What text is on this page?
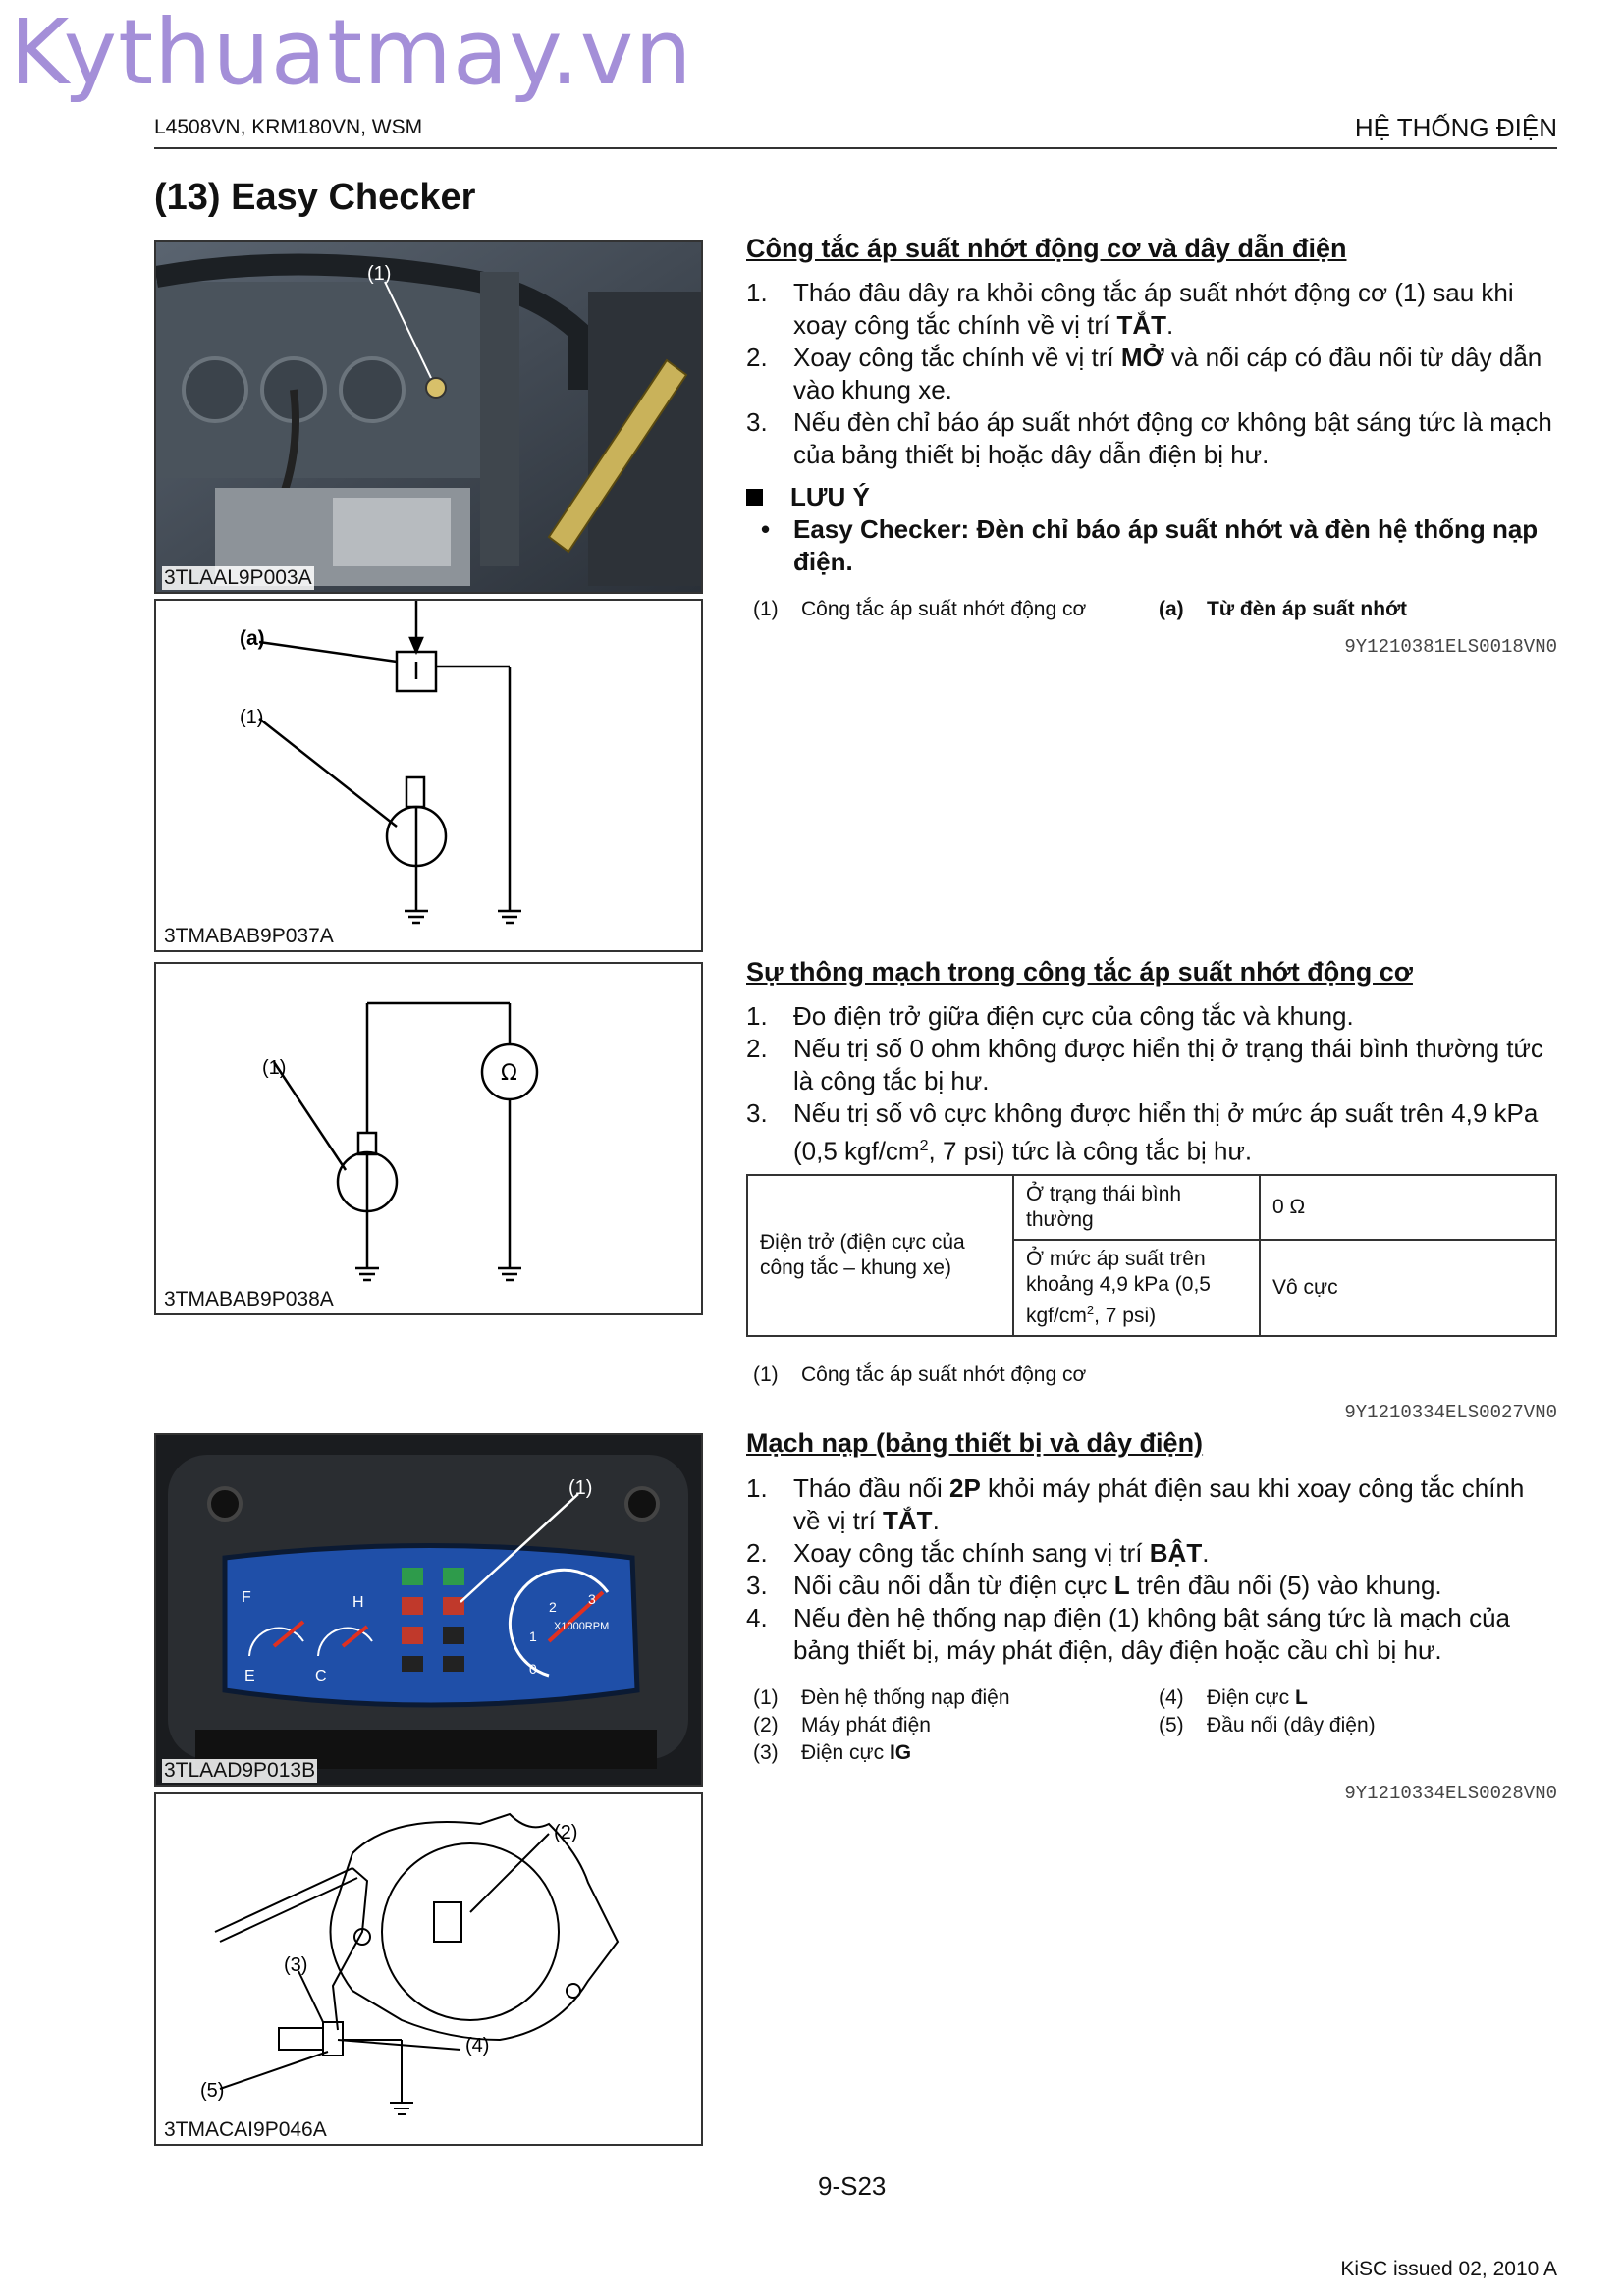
Kythuatmay.vn
L4508VN, KRM180VN, WSM	HỆ THỐNG ĐIỆN
(13) Easy Checker
(1)
3TLAAL9P003A
(a)
(1)
3TMABAB9P037A
(1)	Ω
3TMABAB9P038A
F
E
H
C
X1000RPM
0
1
2 3
(1)
3TLAAD9P013B
(2)
(3)
(4)
(5)
3TMACAI9P046A
Công tắc áp suất nhớt động cơ và dây dẫn điện
1. Tháo đâu dây ra khỏi công tắc áp suất nhớt động cơ (1) sau khi xoay công tắc chính về vị trí TẮT.
2. Xoay công tắc chính về vị trí MỞ và nối cáp có đầu nối từ dây dẫn vào khung xe.
3. Nếu đèn chỉ báo áp suất nhớt động cơ không bật sáng tức là mạch của bảng thiết bị hoặc dây dẫn điện bị hư.
LƯU Ý
• Easy Checker: Đèn chỉ báo áp suất nhớt và đèn hệ thống nạp điện.
(1) Công tắc áp suất nhớt động cơ	(a) Từ đèn áp suất nhớt
9Y1210381ELS0018VN0
Sự thông mạch trong công tắc áp suất nhớt động cơ
1. Đo điện trở giữa điện cực của công tắc và khung.
2. Nếu trị số 0 ohm không được hiển thị ở trạng thái bình thường tức là công tắc bị hư.
3. Nếu trị số vô cực không được hiển thị ở mức áp suất trên 4,9 kPa (0,5 kgf/$cm^2$, 7 psi) tức là công tắc bị hư.
Điện trở (điện cực của công tắc – khung xe)	Ở trạng thái bình thường	0 Ω
	Ở mức áp suất trên khoảng 4,9 kPa (0,5 kgf/$cm^2$, 7 psi)	Vô cực
(1) Công tắc áp suất nhớt động cơ
9Y1210334ELS0027VN0
Mạch nạp (bảng thiết bị và dây điện)
1. Tháo đầu nối 2P khỏi máy phát điện sau khi xoay công tắc chính về vị trí TẮT.
2. Xoay công tắc chính sang vị trí BẬT.
3. Nối cầu nối dẫn từ điện cực L trên đầu nối (5) vào khung.
4. Nếu đèn hệ thống nạp điện (1) không bật sáng tức là mạch của bảng thiết bị, máy phát điện, dây điện hoặc cầu chì bị hư.
(1) Đèn hệ thống nạp điện
(2) Máy phát điện
(3) Điện cực IG
(4) Điện cực L
(5) Đầu nối (dây điện)
9Y1210334ELS0028VN0
9-S23
KiSC issued 02, 2010 A
